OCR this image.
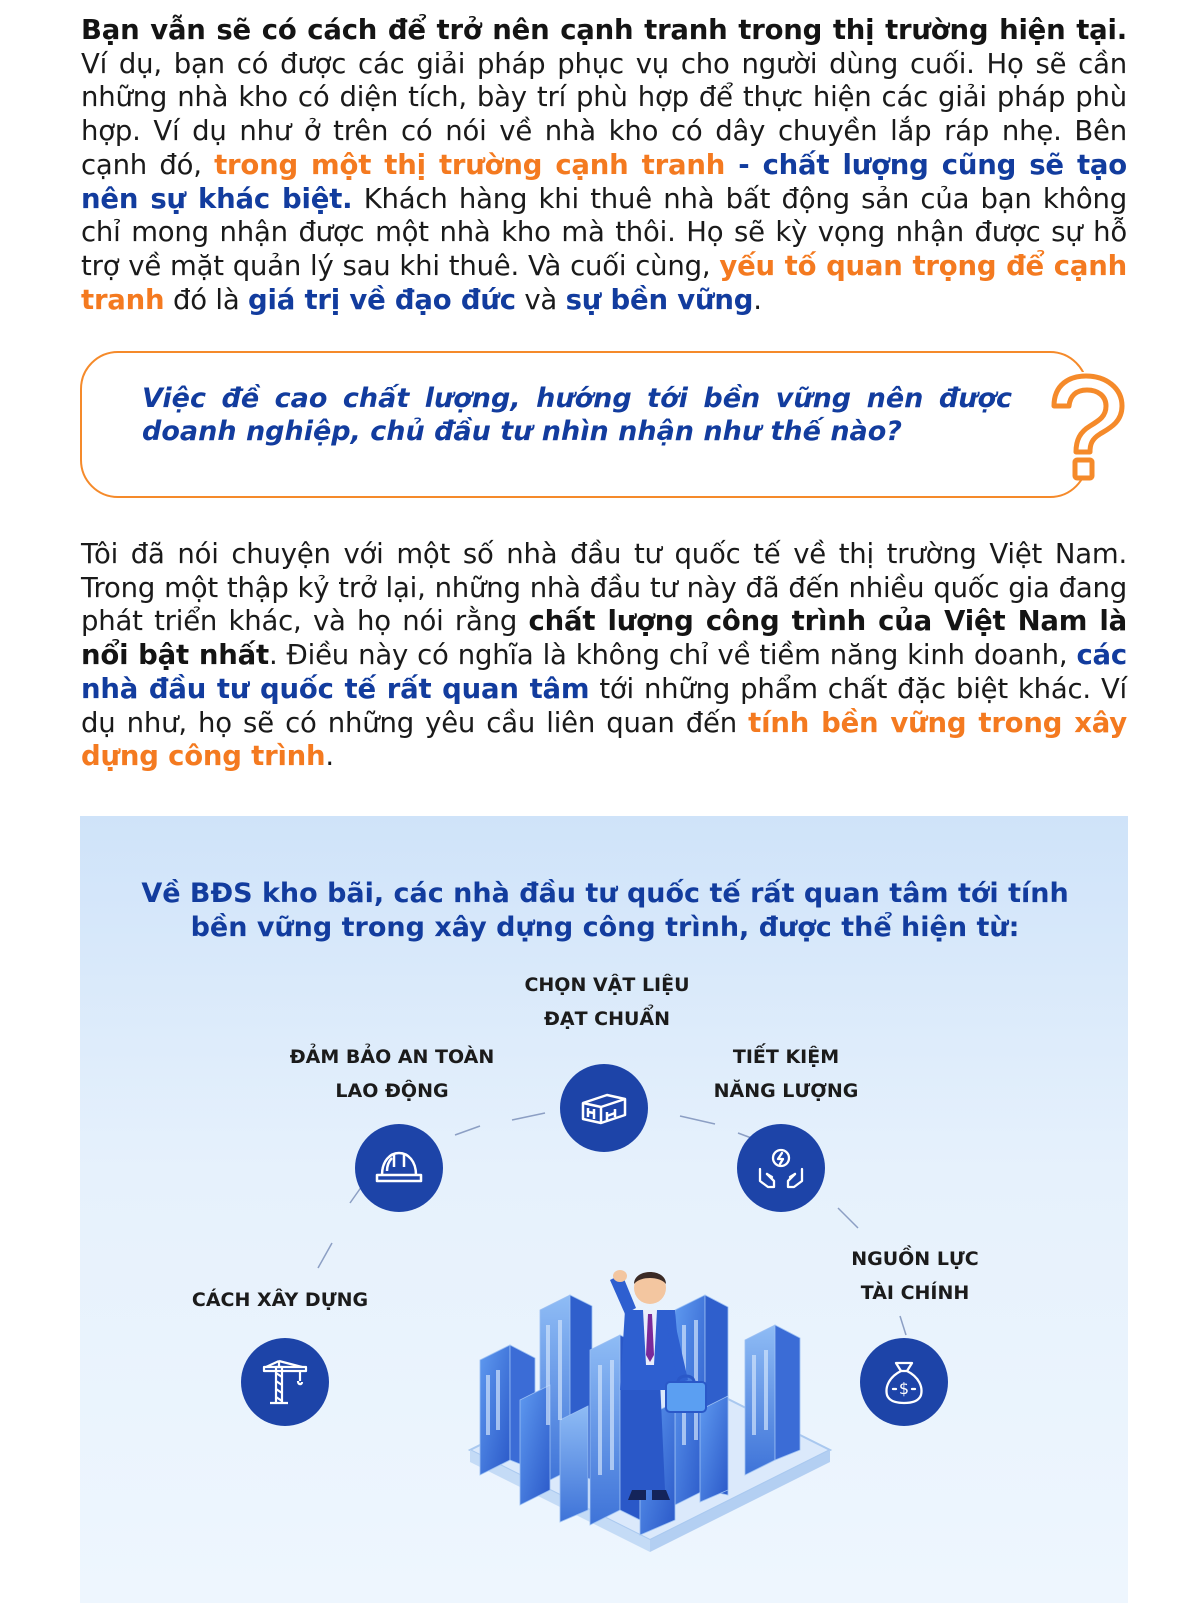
Bạn vẫn sẽ có cách để trở nên cạnh tranh trong thị trường hiện tại. Ví dụ, bạn có được các giải pháp phục vụ cho người dùng cuối. Họ sẽ cần những nhà kho có diện tích, bày trí phù hợp để thực hiện các giải pháp phù hợp. Ví dụ như ở trên có nói về nhà kho có dây chuyền lắp ráp nhẹ. Bên cạnh đó, trong một thị trường cạnh tranh - chất lượng cũng sẽ tạo nên sự khác biệt. Khách hàng khi thuê nhà bất động sản của bạn không chỉ mong nhận được một nhà kho mà thôi. Họ sẽ kỳ vọng nhận được sự hỗ trợ về mặt quản lý sau khi thuê. Và cuối cùng, yếu tố quan trọng để cạnh tranh đó là giá trị về đạo đức và sự bền vững.

Việc đề cao chất lượng, hướng tới bền vững nên được doanh nghiệp, chủ đầu tư nhìn nhận như thế nào?

Tôi đã nói chuyện với một số nhà đầu tư quốc tế về thị trường Việt Nam. Trong một thập kỷ trở lại, những nhà đầu tư này đã đến nhiều quốc gia đang phát triển khác, và họ nói rằng chất lượng công trình của Việt Nam là nổi bật nhất. Điều này có nghĩa là không chỉ về tiềm năng kinh doanh, các nhà đầu tư quốc tế rất quan tâm tới những phẩm chất đặc biệt khác. Ví dụ như, họ sẽ có những yêu cầu liên quan đến tính bền vững trong xây dựng công trình.

Về BĐS kho bãi, các nhà đầu tư quốc tế rất quan tâm tới tính bền vững trong xây dựng công trình, được thể hiện từ:

CHỌN VẬT LIỆU
ĐẠT CHUẨN
ĐẢM BẢO AN TOÀN
LAO ĐỘNG
TIẾT KIỆM
NĂNG LƯỢNG
CÁCH XÂY DỰNG
NGUỒN LỰC
TÀI CHÍNH
$
